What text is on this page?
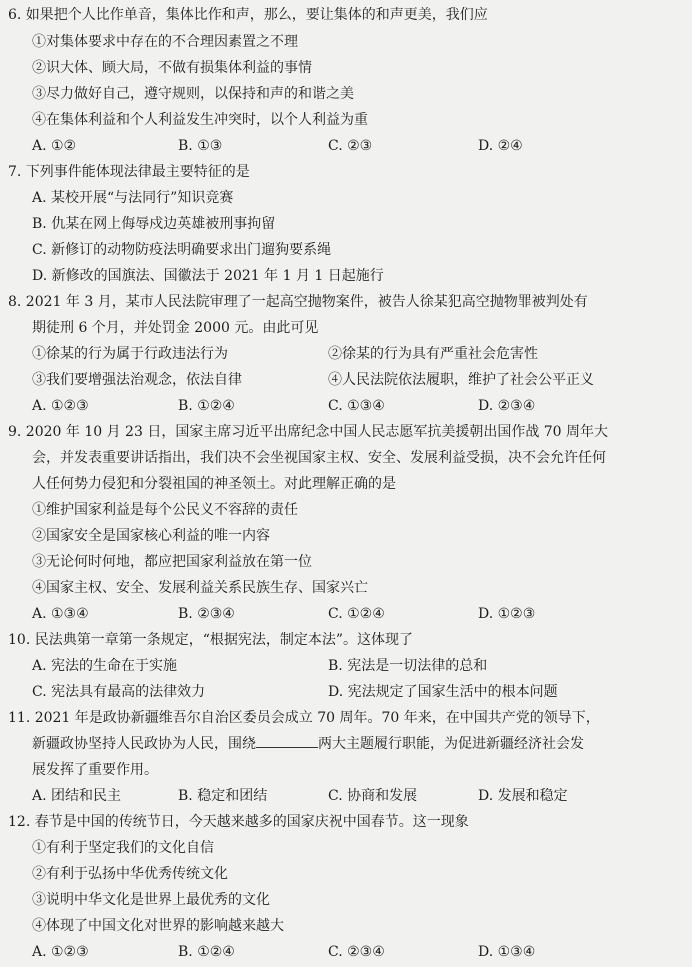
6. 如果把个人比作单音，集体比作和声，那么，要让集体的和声更美，我们应
①对集体要求中存在的不合理因素置之不理
②识大体、顾大局，不做有损集体利益的事情
③尽力做好自己，遵守规则，以保持和声的和谐之美
④在集体利益和个人利益发生冲突时，以个人利益为重
A. ①②	B. ①③	C. ②③	D. ②④
7. 下列事件能体现法律最主要特征的是
A. 某校开展“与法同行”知识竞赛
B. 仇某在网上侮辱戍边英雄被刑事拘留
C. 新修订的动物防疫法明确要求出门遛狗要系绳
D. 新修改的国旗法、国徽法于 2021 年 1 月 1 日起施行
8. 2021 年 3 月，某市人民法院审理了一起高空抛物案件，被告人徐某犯高空抛物罪被判处有
期徒刑 6 个月，并处罚金 2000 元。由此可见
①徐某的行为属于行政违法行为	②徐某的行为具有严重社会危害性
③我们要增强法治观念，依法自律	④人民法院依法履职，维护了社会公平正义
A. ①②③	B. ①②④	C. ①③④	D. ②③④
9. 2020 年 10 月 23 日，国家主席习近平出席纪念中国人民志愿军抗美援朝出国作战 70 周年大
会，并发表重要讲话指出，我们决不会坐视国家主权、安全、发展利益受损，决不会允许任何
人任何势力侵犯和分裂祖国的神圣领土。对此理解正确的是
①维护国家利益是每个公民义不容辞的责任
②国家安全是国家核心利益的唯一内容
③无论何时何地，都应把国家利益放在第一位
④国家主权、安全、发展利益关系民族生存、国家兴亡
A. ①③④	B. ②③④	C. ①②④	D. ①②③
10. 民法典第一章第一条规定，“根据宪法，制定本法”。这体现了
A. 宪法的生命在于实施	B. 宪法是一切法律的总和
C. 宪法具有最高的法律效力	D. 宪法规定了国家生活中的根本问题
11. 2021 年是政协新疆维吾尔自治区委员会成立 70 周年。70 年来，在中国共产党的领导下，
新疆政协坚持人民政协为人民，围绕	两大主题履行职能，为促进新疆经济社会发
展发挥了重要作用。
A. 团结和民主	B. 稳定和团结	C. 协商和发展	D. 发展和稳定
12. 春节是中国的传统节日，今天越来越多的国家庆祝中国春节。这一现象
①有利于坚定我们的文化自信
②有利于弘扬中华优秀传统文化
③说明中华文化是世界上最优秀的文化
④体现了中国文化对世界的影响越来越大
A. ①②③	B. ①②④	C. ②③④	D. ①③④
